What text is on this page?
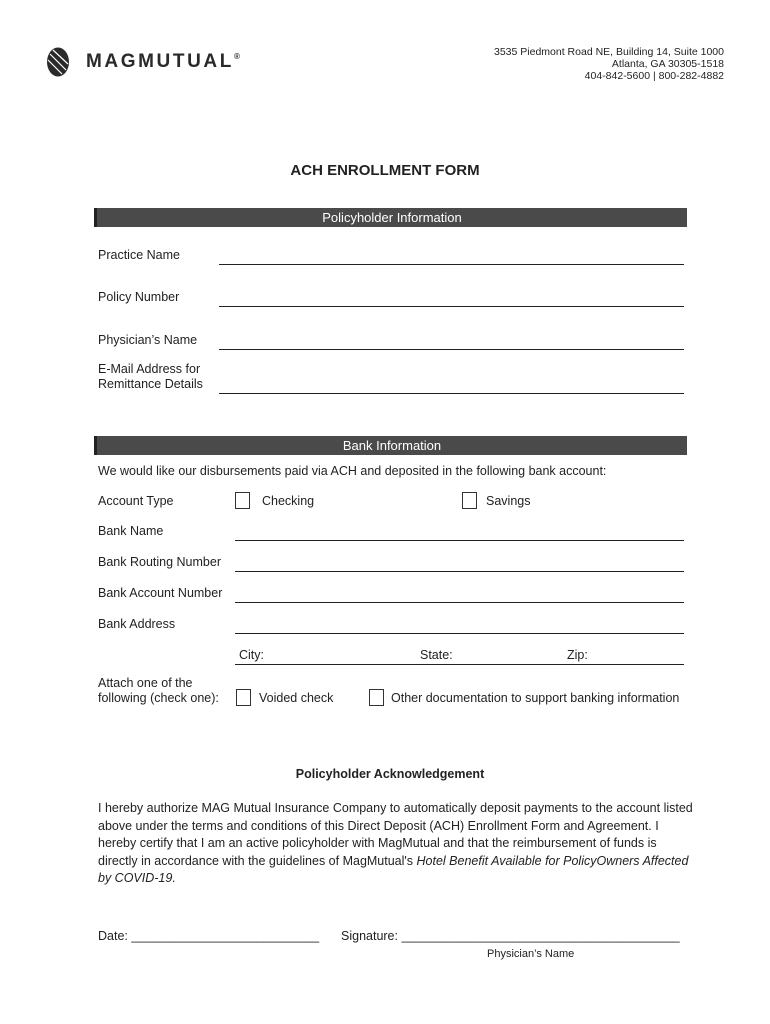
MAGMUTUAL®	3535 Piedmont Road NE, Building 14, Suite 1000
Atlanta, GA 30305-1518
404-842-5600 | 800-282-4882
ACH ENROLLMENT FORM
Policyholder Information
Practice Name
Policy Number
Physician’s Name
E-Mail Address for
Remittance Details
Bank Information
We would like our disbursements paid via ACH and deposited in the following bank account:
Account Type	Checking	Savings
Bank Name
Bank Routing Number
Bank Account Number
Bank Address
City:	State:	Zip:
Attach one of the
following (check one):	Voided check	Other documentation to support banking information
Policyholder Acknowledgement
I hereby authorize MAG Mutual Insurance Company to automatically deposit payments to the account listed above under the terms and conditions of this Direct Deposit (ACH) Enrollment Form and Agreement. I hereby certify that I am an active policyholder with MagMutual and that the reimbursement of funds is directly in accordance with the guidelines of MagMutual's Hotel Benefit Available for PolicyOwners Affected by COVID-19.
Date: ___________________________ Signature: ________________________________________
Physician’s Name
